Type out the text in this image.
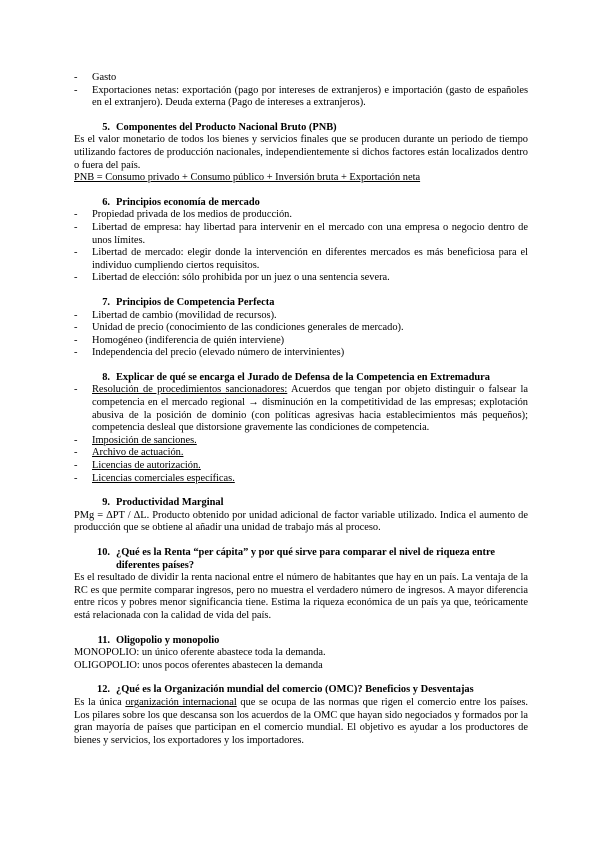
-	Gasto
-	Exportaciones netas: exportación (pago por intereses de extranjeros) e importación (gasto de españoles en el extranjero). Deuda externa (Pago de intereses a extranjeros).
5. Componentes del Producto Nacional Bruto (PNB)

Es el valor monetario de todos los bienes y servicios finales que se producen durante un periodo de tiempo utilizando factores de producción nacionales, independientemente si dichos factores están localizados dentro o fuera del país.

PNB = Consumo privado + Consumo público + Inversión bruta + Exportación neta

6. Principios economía de mercado
-	Propiedad privada de los medios de producción.
-	Libertad de empresa: hay libertad para intervenir en el mercado con una empresa o negocio dentro de unos límites.
-	Libertad de mercado: elegir donde la intervención en diferentes mercados es más beneficiosa para el individuo cumpliendo ciertos requisitos.
-	Libertad de elección: sólo prohibida por un juez o una sentencia severa.
7. Principios de Competencia Perfecta
-	Libertad de cambio (movilidad de recursos).
-	Unidad de precio (conocimiento de las condiciones generales de mercado).
-	Homogéneo (indiferencia de quién interviene)
-	Independencia del precio (elevado número de intervinientes)
8. Explicar de qué se encarga el Jurado de Defensa de la Competencia en Extremadura
-	Resolución de procedimientos sancionadores: Acuerdos que tengan por objeto distinguir o falsear la competencia en el mercado regional → disminución en la competitividad de las empresas; explotación abusiva de la posición de dominio (con políticas agresivas hacia establecimientos más pequeños); competencia desleal que distorsione gravemente las condiciones de competencia.
-	Imposición de sanciones.
-	Archivo de actuación.
-	Licencias de autorización.
-	Licencias comerciales específicas.
9. Productividad Marginal

PMg = ΔPT / ΔL. Producto obtenido por unidad adicional de factor variable utilizado. Indica el aumento de producción que se obtiene al añadir una unidad de trabajo más al proceso.

10. ¿Qué es la Renta “per cápita” y por qué sirve para comparar el nivel de riqueza entre diferentes países?

Es el resultado de dividir la renta nacional entre el número de habitantes que hay en un país. La ventaja de la RC es que permite comparar ingresos, pero no muestra el verdadero número de ingresos. A mayor diferencia entre ricos y pobres menor significancia tiene. Estima la riqueza económica de un país ya que, teóricamente está relacionada con la calidad de vida del país.

11. Oligopolio y monopolio

MONOPOLIO: un único oferente abastece toda la demanda.

OLIGOPOLIO: unos pocos oferentes abastecen la demanda

12. ¿Qué es la Organización mundial del comercio (OMC)? Beneficios y Desventajas

Es la única organización internacional que se ocupa de las normas que rigen el comercio entre los países. Los pilares sobre los que descansa son los acuerdos de la OMC que hayan sido negociados y formados por la gran mayoría de países que participan en el comercio mundial. El objetivo es ayudar a los productores de bienes y servicios, los exportadores y los importadores.
